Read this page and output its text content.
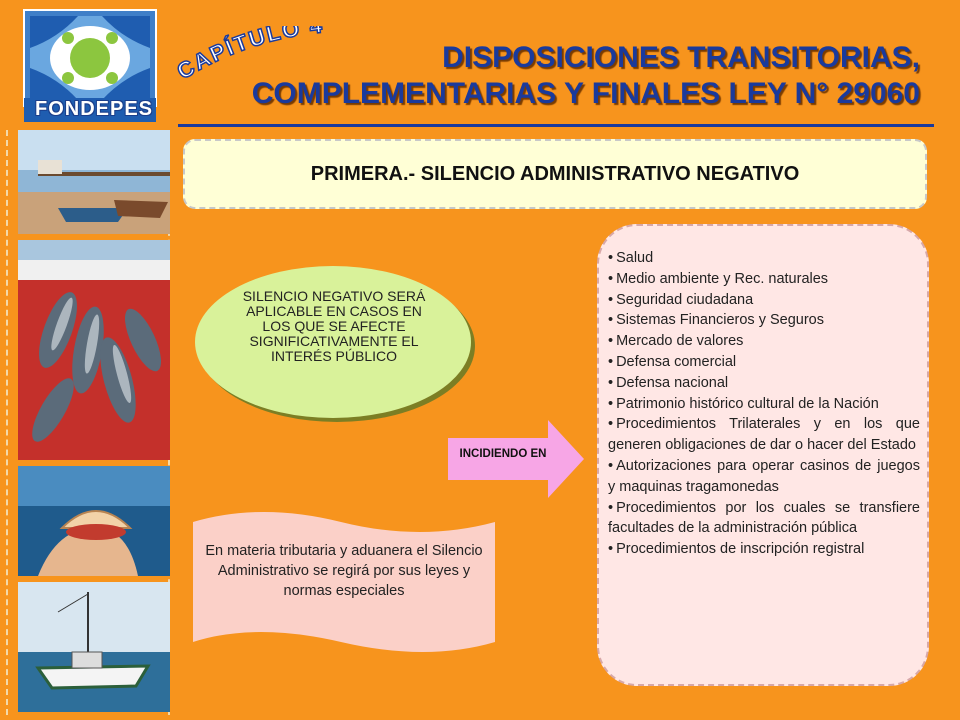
FONDEPES
CAPÍTULO
DISPOSICIONES TRANSITORIAS,
COMPLEMENTARIAS Y FINALES LEY N° 29060
PRIMERA.- SILENCIO ADMINISTRATIVO NEGATIVO
SILENCIO NEGATIVO SERÁ APLICABLE EN CASOS EN LOS QUE SE AFECTE SIGNIFICATIVAMENTE EL INTERÉS PÚBLICO
En materia tributaria y aduanera el Silencio Administrativo se regirá por sus leyes y normas especiales
INCIDIENDO EN
• Salud
• Medio ambiente y Rec. naturales
• Seguridad ciudadana
• Sistemas Financieros y Seguros
• Mercado de valores
• Defensa comercial
• Defensa nacional
• Patrimonio histórico cultural de la Nación
• Procedimientos Trilaterales y en los que generen obligaciones de dar o hacer del Estado
• Autorizaciones para operar casinos de juegos y maquinas tragamonedas
• Procedimientos por los cuales se transfiere facultades de la administración pública
• Procedimientos de inscripción registral
